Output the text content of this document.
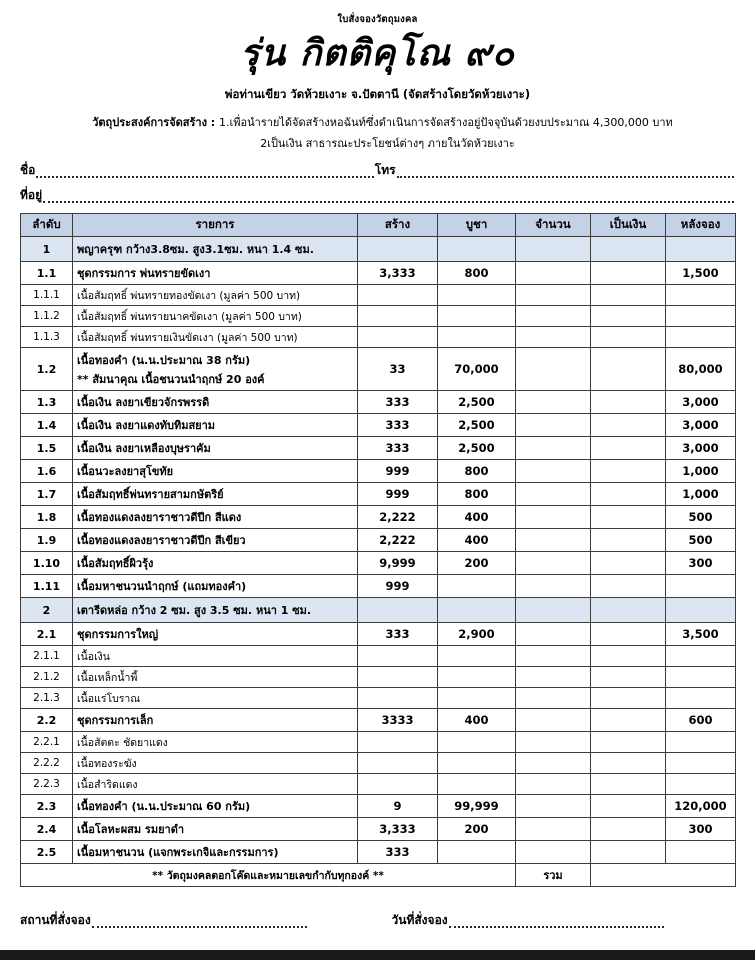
ใบสั่งจองวัตถุมงคล
รุ่น กิตติคุโณ ๙๐
พ่อท่านเขียว วัดห้วยเงาะ จ.ปัตตานี (จัดสร้างโดยวัดห้วยเงาะ)
วัตถุประสงค์การจัดสร้าง : 1.เพื่อนำรายได้จัดสร้างหอฉันท์ซึ่งดำเนินการจัดสร้างอยู่ปัจจุบันด้วยงบประมาณ 4,300,000 บาท
2เป็นเงิน สาธารณะประโยชน์ต่างๆ ภายในวัดห้วยเงาะ
ชื่อ	โทร
ที่อยู่
ลำดับ	รายการ	สร้าง	บูชา	จำนวน	เป็นเงิน	หลังจอง
1	พญาครุฑ กว้าง3.8ซม. สูง3.1ซม. หนา 1.4 ซม.					
1.1	ชุดกรรมการ พ่นทรายขัดเงา	3,333	800			1,500
1.1.1	เนื้อสัมฤทธิ์ พ่นทรายทองขัดเงา (มูลค่า 500 บาท)					
1.1.2	เนื้อสัมฤทธิ์ พ่นทรายนาคขัดเงา (มูลค่า 500 บาท)					
1.1.3	เนื้อสัมฤทธิ์ พ่นทรายเงินขัดเงา (มูลค่า 500 บาท)					
1.2	เนื้อทองคำ (น.น.ประมาณ 38 กรัม)
** สัมนาคุณ เนื้อชนวนนำฤกษ์ 20 องค์	33	70,000			80,000
1.3	เนื้อเงิน ลงยาเขียวจักรพรรดิ	333	2,500			3,000
1.4	เนื้อเงิน ลงยาแดงทับทิมสยาม	333	2,500			3,000
1.5	เนื้อเงิน ลงยาเหลืองบุษราคัม	333	2,500			3,000
1.6	เนื้อนวะลงยาสุโขทัย	999	800			1,000
1.7	เนื้อสัมฤทธิ์พ่นทรายสามกษัตริย์	999	800			1,000
1.8	เนื้อทองแดงลงยาราชาวดีปีก สีแดง	2,222	400			500
1.9	เนื้อทองแดงลงยาราชาวดีปีก สีเขียว	2,222	400			500
1.10	เนื้อสัมฤทธิ์ผิวรุ้ง	9,999	200			300
1.11	เนื้อมหาชนวนนำฤกษ์ (แถมทองคำ)	999				
2	เตารีดหล่อ กว้าง 2 ซม. สูง 3.5 ซม. หนา 1 ซม.					
2.1	ชุดกรรมการใหญ่	333	2,900			3,500
2.1.1	เนื้อเงิน					
2.1.2	เนื้อเหล็กน้ำพี้					
2.1.3	เนื้อแร่โบราณ					
2.2	ชุดกรรมการเล็ก	3333	400			600
2.2.1	เนื้อสัตตะ ชัดยาแดง					
2.2.2	เนื้อทองระฆัง					
2.2.3	เนื้อสำริดแดง					
2.3	เนื้อทองคำ (น.น.ประมาณ 60 กรัม)	9	99,999			120,000
2.4	เนื้อโลหะผสม รมยาดำ	3,333	200			300
2.5	เนื้อมหาชนวน (แจกพระเกจิและกรรมการ)	333				
** วัตถุมงคลตอกโค๊ดและหมายเลขกำกับทุกองค์ **				รวม		
สถานที่สั่งจอง	วันที่สั่งจอง
